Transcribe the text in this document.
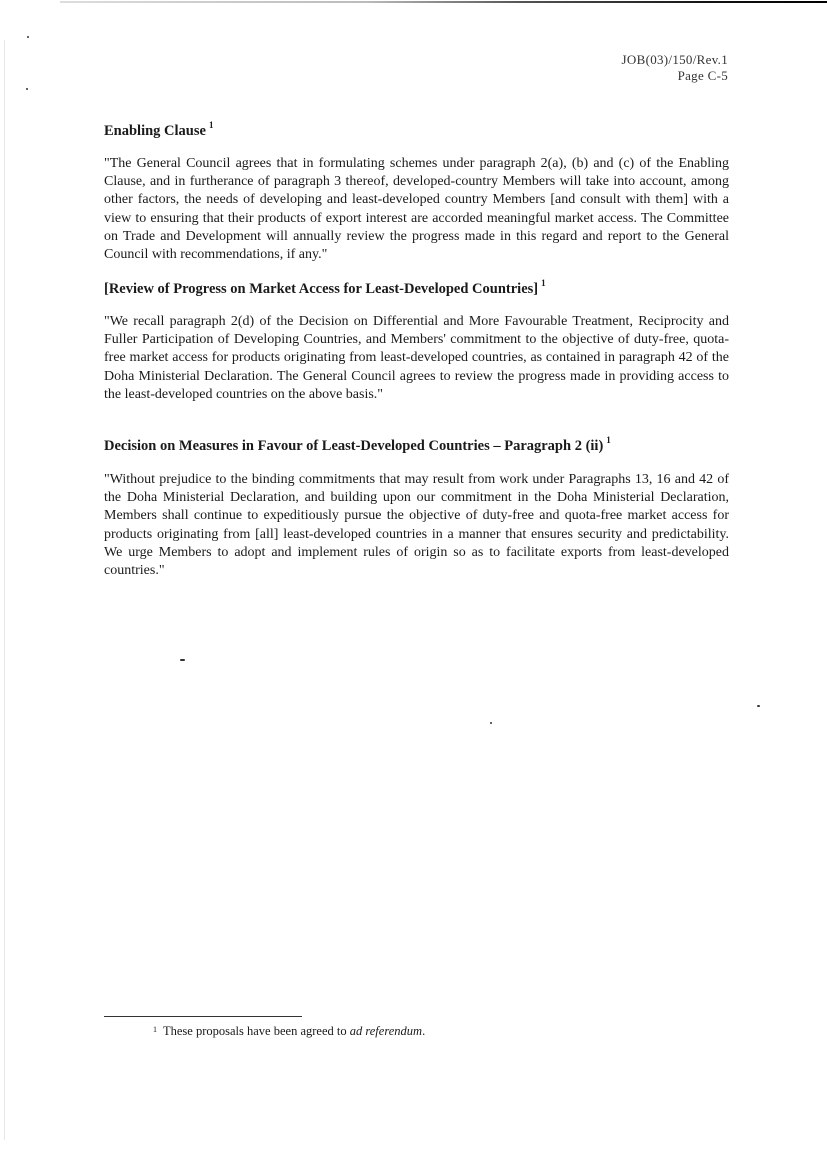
JOB(03)/150/Rev.1
Page C-5
Enabling Clause $^1$

"The General Council agrees that in formulating schemes under paragraph 2(a), (b) and (c) of the Enabling Clause, and in furtherance of paragraph 3 thereof, developed-country Members will take into account, among other factors, the needs of developing and least-developed country Members [and consult with them] with a view to ensuring that their products of export interest are accorded meaningful market access. The Committee on Trade and Development will annually review the progress made in this regard and report to the General Council with recommendations, if any."

[Review of Progress on Market Access for Least-Developed Countries] $^1$

"We recall paragraph 2(d) of the Decision on Differential and More Favourable Treatment, Reciprocity and Fuller Participation of Developing Countries, and Members' commitment to the objective of duty-free, quota-free market access for products originating from least-developed countries, as contained in paragraph 42 of the Doha Ministerial Declaration. The General Council agrees to review the progress made in providing access to the least-developed countries on the above basis."

Decision on Measures in Favour of Least-Developed Countries – Paragraph 2 (ii) $^1$

"Without prejudice to the binding commitments that may result from work under Paragraphs 13, 16 and 42 of the Doha Ministerial Declaration, and building upon our commitment in the Doha Ministerial Declaration, Members shall continue to expeditiously pursue the objective of duty-free and quota-free market access for products originating from [all] least-developed countries in a manner that ensures security and predictability. We urge Members to adopt and implement rules of origin so as to facilitate exports from least-developed countries."

$^1$ These proposals have been agreed to ad referendum.
